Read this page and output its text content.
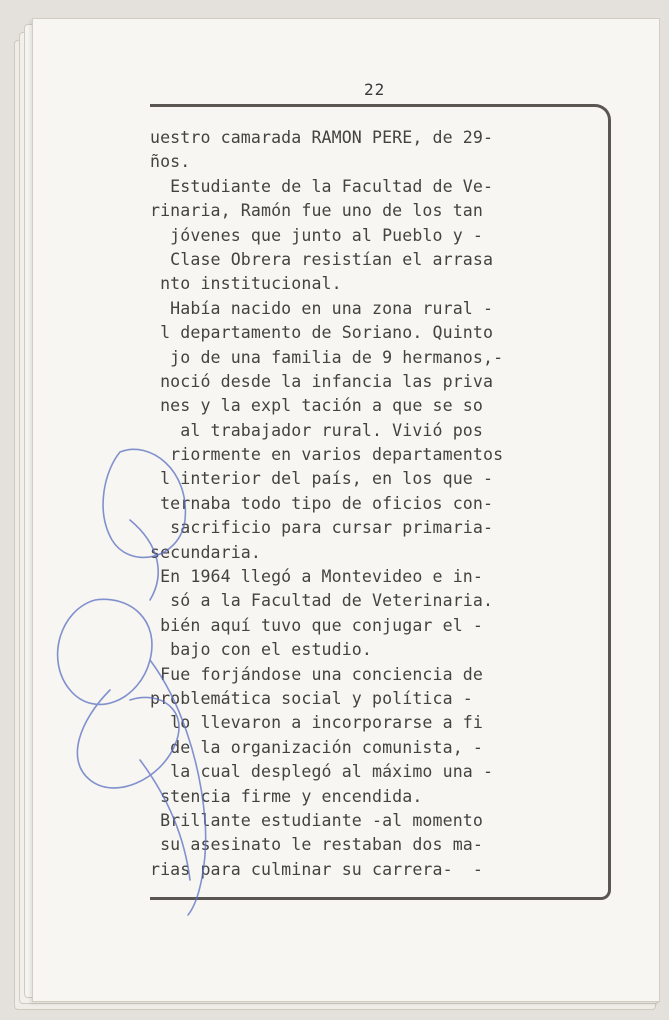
22
uestro camarada RAMON PERE, de 29-
ños.
Estudiante de la Facultad de Ve-
rinaria, Ramón fue uno de los tan
jóvenes que junto al Pueblo y -
Clase Obrera resistían el arrasa
nto institucional.
Había nacido en una zona rural -
l departamento de Soriano. Quinto
jo de una familia de 9 hermanos,-
noció desde la infancia las priva
nes y la expl tación a que se so
al trabajador rural. Vivió pos
riormente en varios departamentos
l interior del país, en los que -
ternaba todo tipo de oficios con-
sacrificio para cursar primaria-
secundaria.
En 1964 llegó a Montevideo e in-
só a la Facultad de Veterinaria.
bién aquí tuvo que conjugar el -
bajo con el estudio.
Fue forjándose una conciencia de
problemática social y política -
lo llevaron a incorporarse a fi
de la organización comunista, -
la cual desplegó al máximo una -
stencia firme y encendida.
Brillante estudiante -al momento
su asesinato le restaban dos ma-
rias para culminar su carrera-  -
